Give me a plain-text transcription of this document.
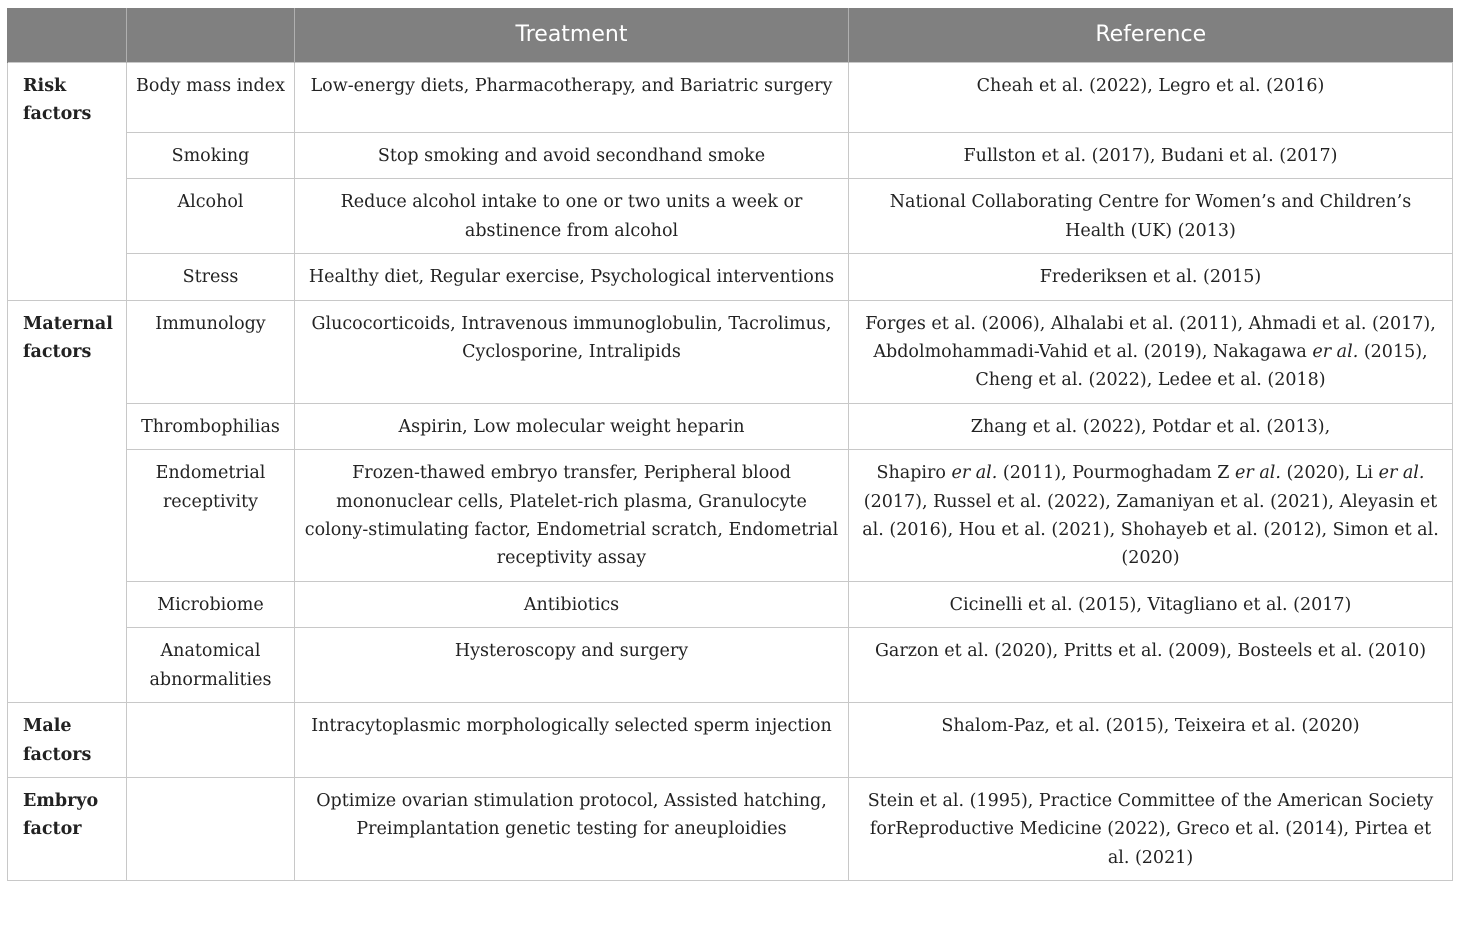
		Treatment	Reference
Risk factors	Body mass index	Low-energy diets, Pharmacotherapy, and Bariatric surgery	Cheah et al. (2022), Legro et al. (2016)
	Smoking	Stop smoking and avoid secondhand smoke	Fullston et al. (2017), Budani et al. (2017)
	Alcohol	Reduce alcohol intake to one or two units a week or abstinence from alcohol	National Collaborating Centre for Women’s and Children’s Health (UK) (2013)
	Stress	Healthy diet, Regular exercise, Psychological interventions	Frederiksen et al. (2015)
Maternal factors	Immunology	Glucocorticoids, Intravenous immunoglobulin, Tacrolimus, Cyclosporine, Intralipids	Forges et al. (2006), Alhalabi et al. (2011), Ahmadi et al. (2017), Abdolmohammadi-Vahid et al. (2019), Nakagawa er al. (2015), Cheng et al. (2022), Ledee et al. (2018)
	Thrombophilias	Aspirin, Low molecular weight heparin	Zhang et al. (2022), Potdar et al. (2013),
	Endometrial receptivity	Frozen-thawed embryo transfer, Peripheral blood mononuclear cells, Platelet-rich plasma, Granulocyte colony-stimulating factor, Endometrial scratch, Endometrial receptivity assay	Shapiro er al. (2011), Pourmoghadam Z er al. (2020), Li er al. (2017), Russel et al. (2022), Zamaniyan et al. (2021), Aleyasin et al. (2016), Hou et al. (2021), Shohayeb et al. (2012), Simon et al. (2020)
	Microbiome	Antibiotics	Cicinelli et al. (2015), Vitagliano et al. (2017)
	Anatomical abnormalities	Hysteroscopy and surgery	Garzon et al. (2020), Pritts et al. (2009), Bosteels et al. (2010)
Male factors		Intracytoplasmic morphologically selected sperm injection	Shalom-Paz, et al. (2015), Teixeira et al. (2020)
Embryo factor		Optimize ovarian stimulation protocol, Assisted hatching, Preimplantation genetic testing for aneuploidies	Stein et al. (1995), Practice Committee of the American Society forReproductive Medicine (2022), Greco et al. (2014), Pirtea et al. (2021)
